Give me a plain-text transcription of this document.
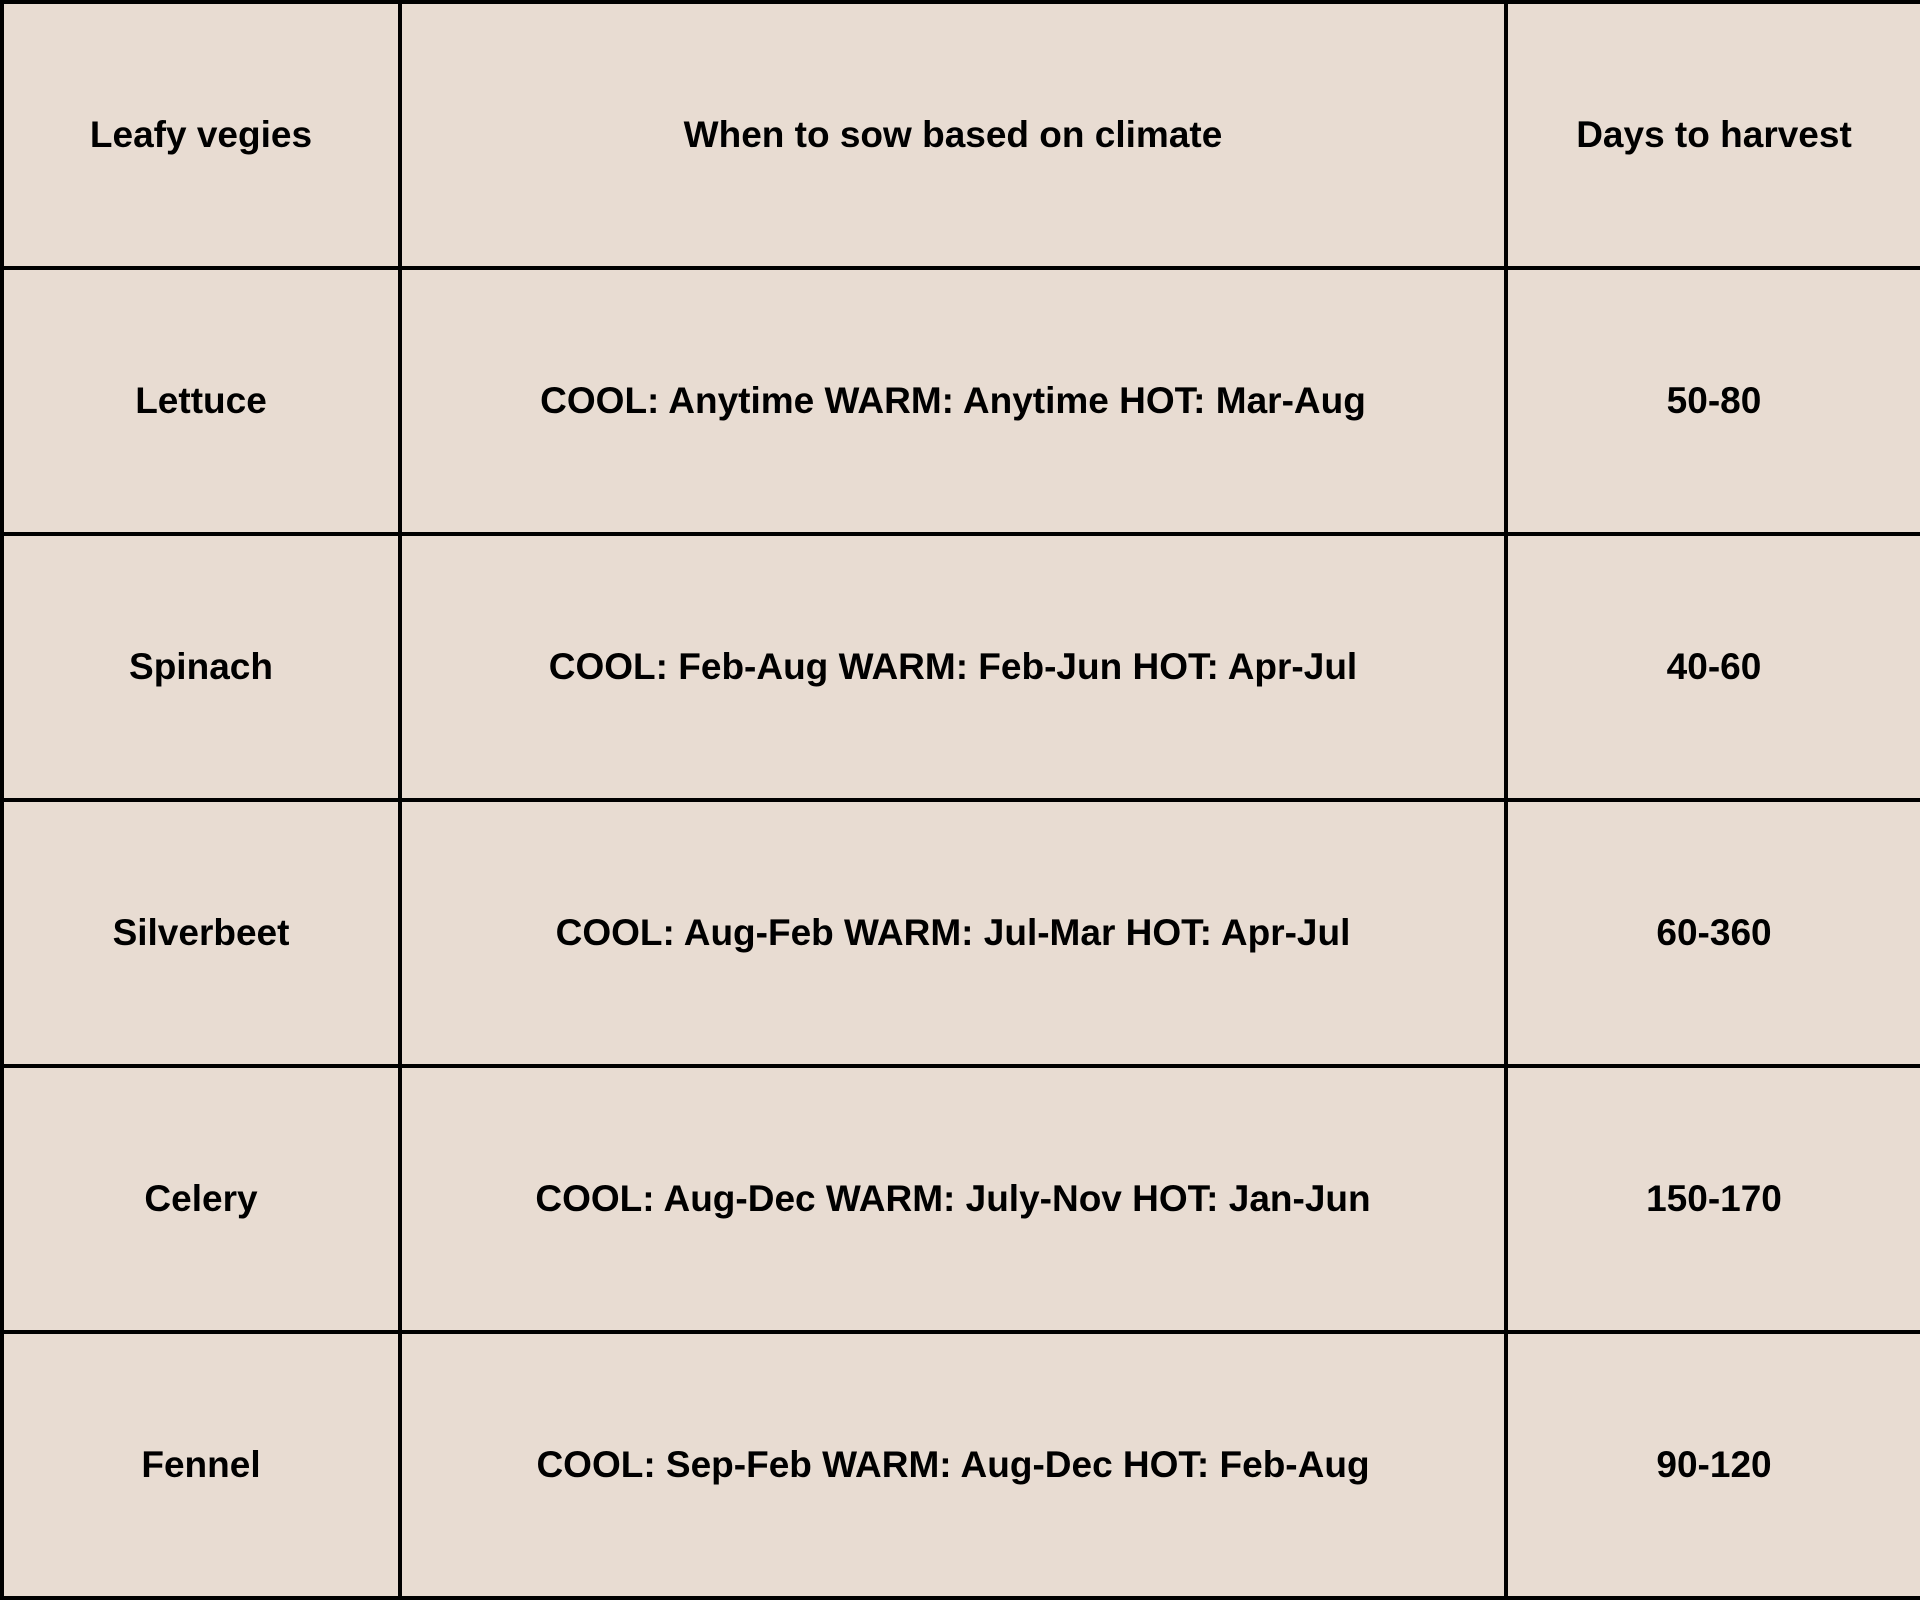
Leafy vegies	When to sow based on climate	Days to harvest
Lettuce	COOL: Anytime WARM: Anytime HOT: Mar-Aug	50-80
Spinach	COOL: Feb-Aug WARM: Feb-Jun HOT: Apr-Jul	40-60
Silverbeet	COOL: Aug-Feb WARM: Jul-Mar HOT: Apr-Jul	60-360
Celery	COOL: Aug-Dec WARM: July-Nov HOT: Jan-Jun	150-170
Fennel	COOL: Sep-Feb WARM: Aug-Dec HOT: Feb-Aug	90-120
